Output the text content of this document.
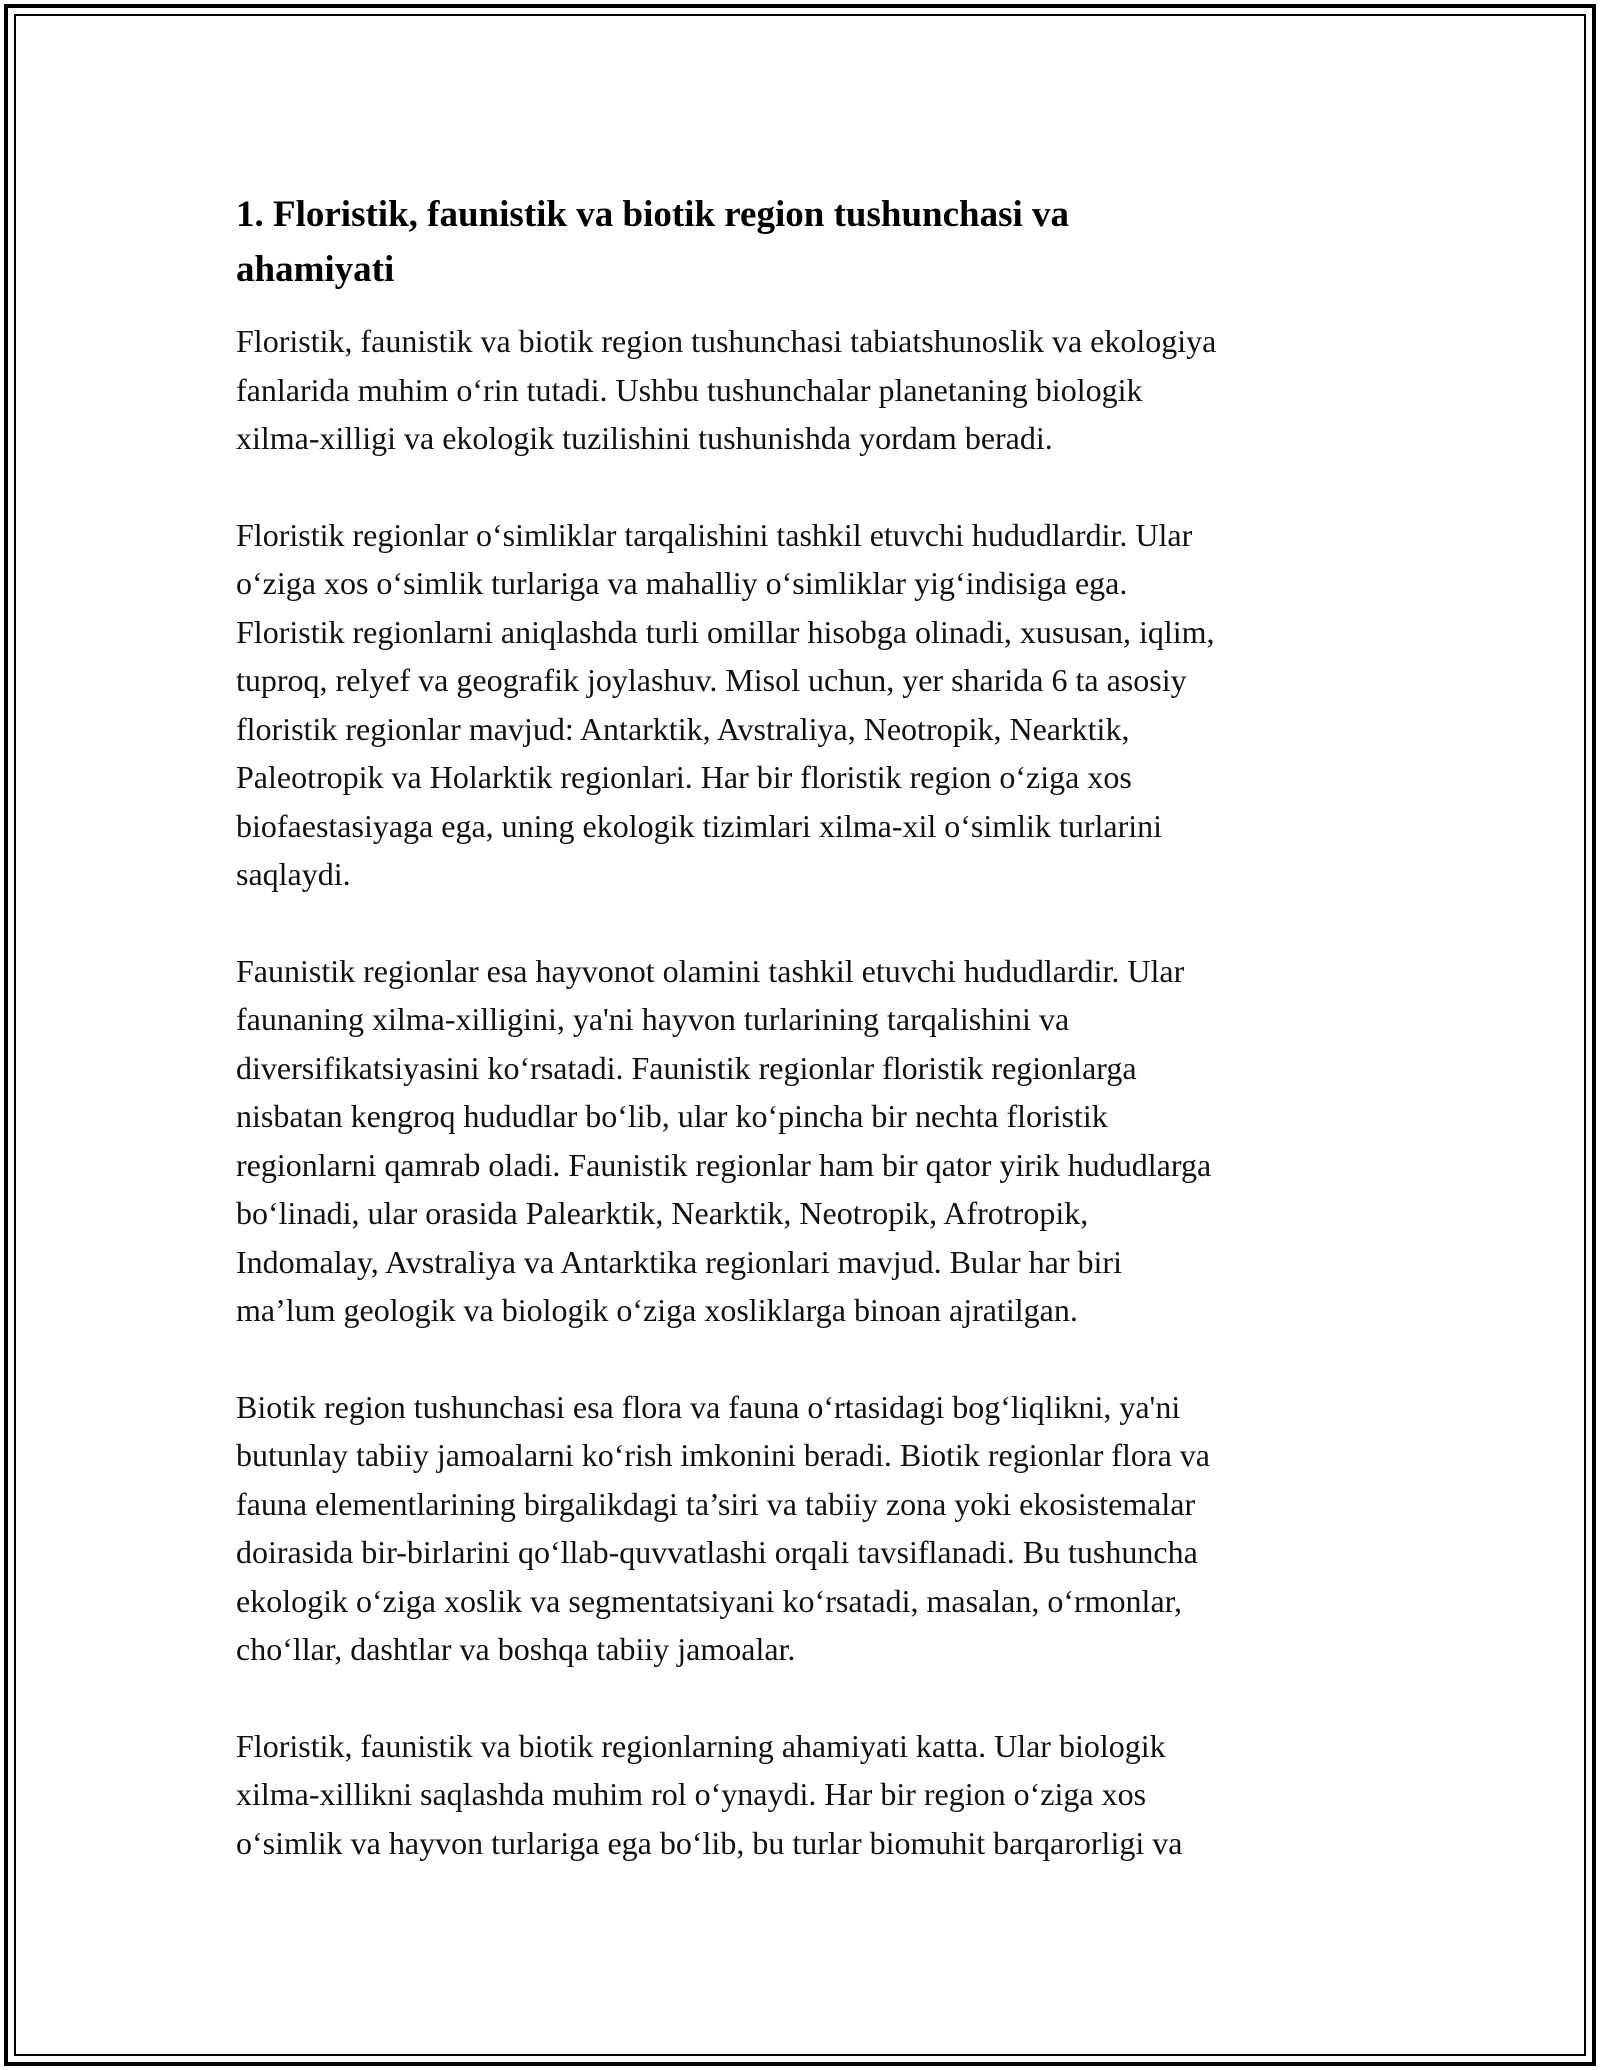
1. Floristik, faunistik va biotik region tushunchasi va
ahamiyati

Floristik, faunistik va biotik region tushunchasi tabiatshunoslik va ekologiya
fanlarida muhim o‘rin tutadi. Ushbu tushunchalar planetaning biologik
xilma-xilligi va ekologik tuzilishini tushunishda yordam beradi.

Floristik regionlar o‘simliklar tarqalishini tashkil etuvchi hududlardir. Ular
o‘ziga xos o‘simlik turlariga va mahalliy o‘simliklar yig‘indisiga ega.
Floristik regionlarni aniqlashda turli omillar hisobga olinadi, xususan, iqlim,
tuproq, relyef va geografik joylashuv. Misol uchun, yer sharida 6 ta asosiy
floristik regionlar mavjud: Antarktik, Avstraliya, Neotropik, Nearktik,
Paleotropik va Holarktik regionlari. Har bir floristik region o‘ziga xos
biofaestasiyaga ega, uning ekologik tizimlari xilma-xil o‘simlik turlarini
saqlaydi.

Faunistik regionlar esa hayvonot olamini tashkil etuvchi hududlardir. Ular
faunaning xilma-xilligini, ya'ni hayvon turlarining tarqalishini va
diversifikatsiyasini ko‘rsatadi. Faunistik regionlar floristik regionlarga
nisbatan kengroq hududlar bo‘lib, ular ko‘pincha bir nechta floristik
regionlarni qamrab oladi. Faunistik regionlar ham bir qator yirik hududlarga
bo‘linadi, ular orasida Palearktik, Nearktik, Neotropik, Afrotropik,
Indomalay, Avstraliya va Antarktika regionlari mavjud. Bular har biri
ma’lum geologik va biologik o‘ziga xosliklarga binoan ajratilgan.

Biotik region tushunchasi esa flora va fauna o‘rtasidagi bog‘liqlikni, ya'ni
butunlay tabiiy jamoalarni ko‘rish imkonini beradi. Biotik regionlar flora va
fauna elementlarining birgalikdagi ta’siri va tabiiy zona yoki ekosistemalar
doirasida bir-birlarini qo‘llab-quvvatlashi orqali tavsiflanadi. Bu tushuncha
ekologik o‘ziga xoslik va segmentatsiyani ko‘rsatadi, masalan, o‘rmonlar,
cho‘llar, dashtlar va boshqa tabiiy jamoalar.

Floristik, faunistik va biotik regionlarning ahamiyati katta. Ular biologik
xilma-xillikni saqlashda muhim rol o‘ynaydi. Har bir region o‘ziga xos
o‘simlik va hayvon turlariga ega bo‘lib, bu turlar biomuhit barqarorligi va
